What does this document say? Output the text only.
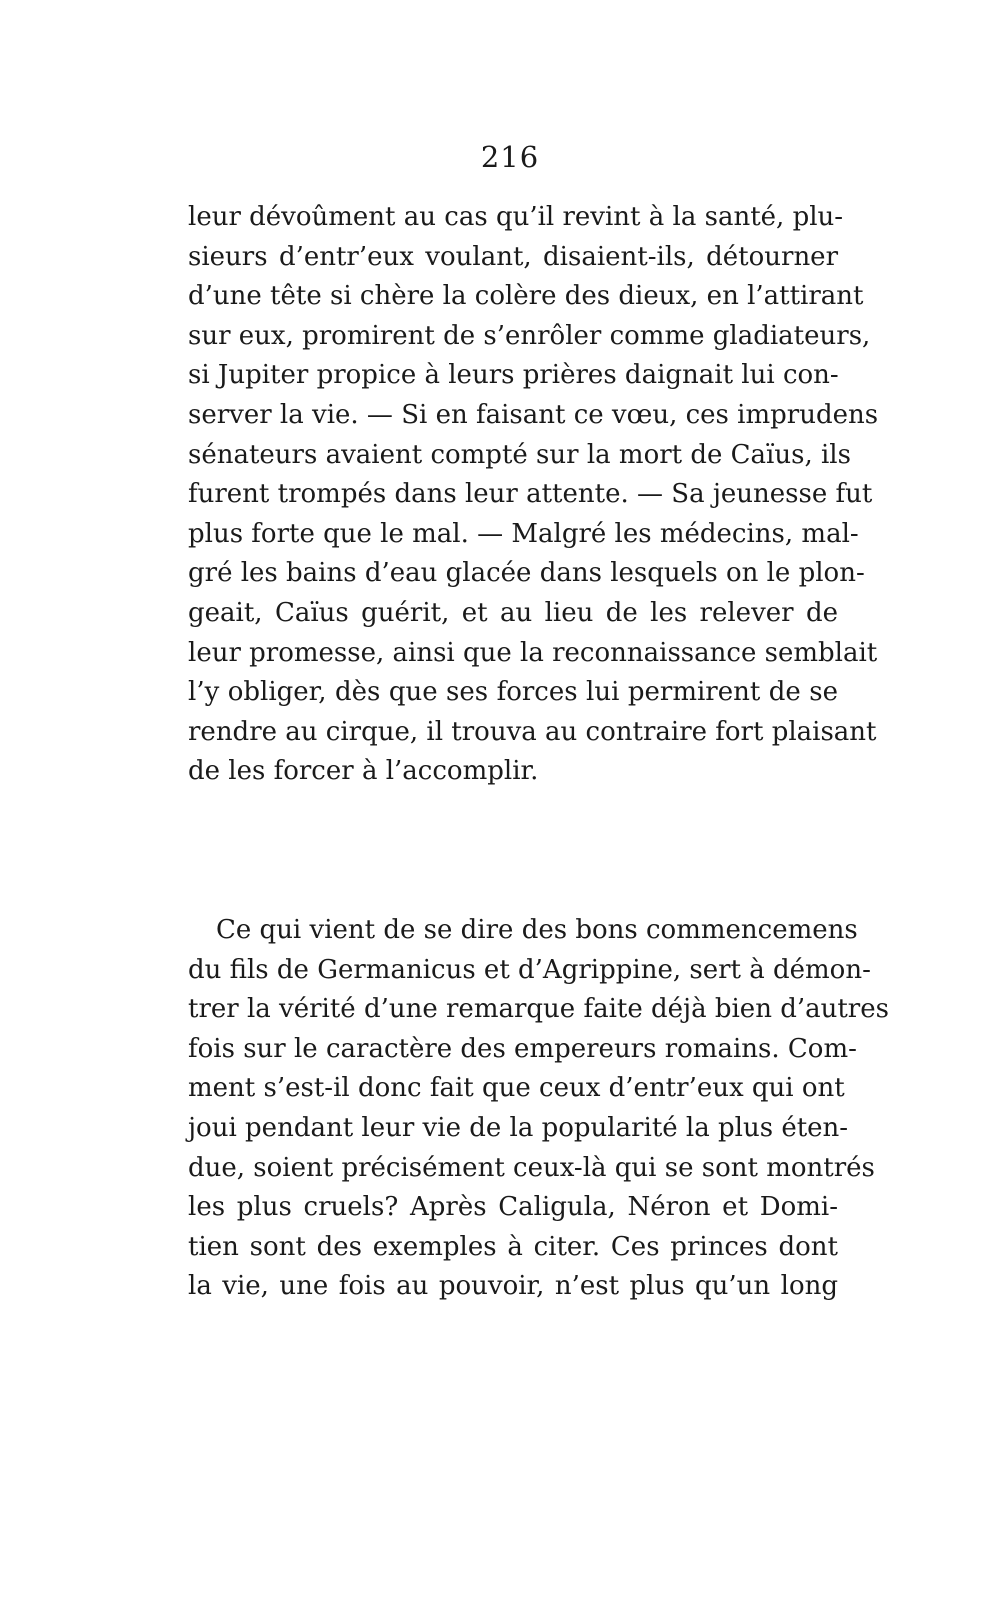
216
leur dévoûment au cas qu’il revint à la santé, plu-
sieurs d’entr’eux voulant, disaient-ils, détourner
d’une tête si chère la colère des dieux, en l’attirant
sur eux, promirent de s’enrôler comme gladiateurs,
si Jupiter propice à leurs prières daignait lui con-
server la vie. — Si en faisant ce vœu, ces imprudens
sénateurs avaient compté sur la mort de Caïus, ils
furent trompés dans leur attente. — Sa jeunesse fut
plus forte que le mal. — Malgré les médecins, mal-
gré les bains d’eau glacée dans lesquels on le plon-
geait, Caïus guérit, et au lieu de les relever de
leur promesse, ainsi que la reconnaissance semblait
l’y obliger, dès que ses forces lui permirent de se
rendre au cirque, il trouva au contraire fort plaisant
de les forcer à l’accomplir.
Ce qui vient de se dire des bons commencemens
du fils de Germanicus et d’Agrippine, sert à démon-
trer la vérité d’une remarque faite déjà bien d’autres
fois sur le caractère des empereurs romains. Com-
ment s’est-il donc fait que ceux d’entr’eux qui ont
joui pendant leur vie de la popularité la plus éten-
due, soient précisément ceux-là qui se sont montrés
les plus cruels? Après Caligula, Néron et Domi-
tien sont des exemples à citer. Ces princes dont
la vie, une fois au pouvoir, n’est plus qu’un long
